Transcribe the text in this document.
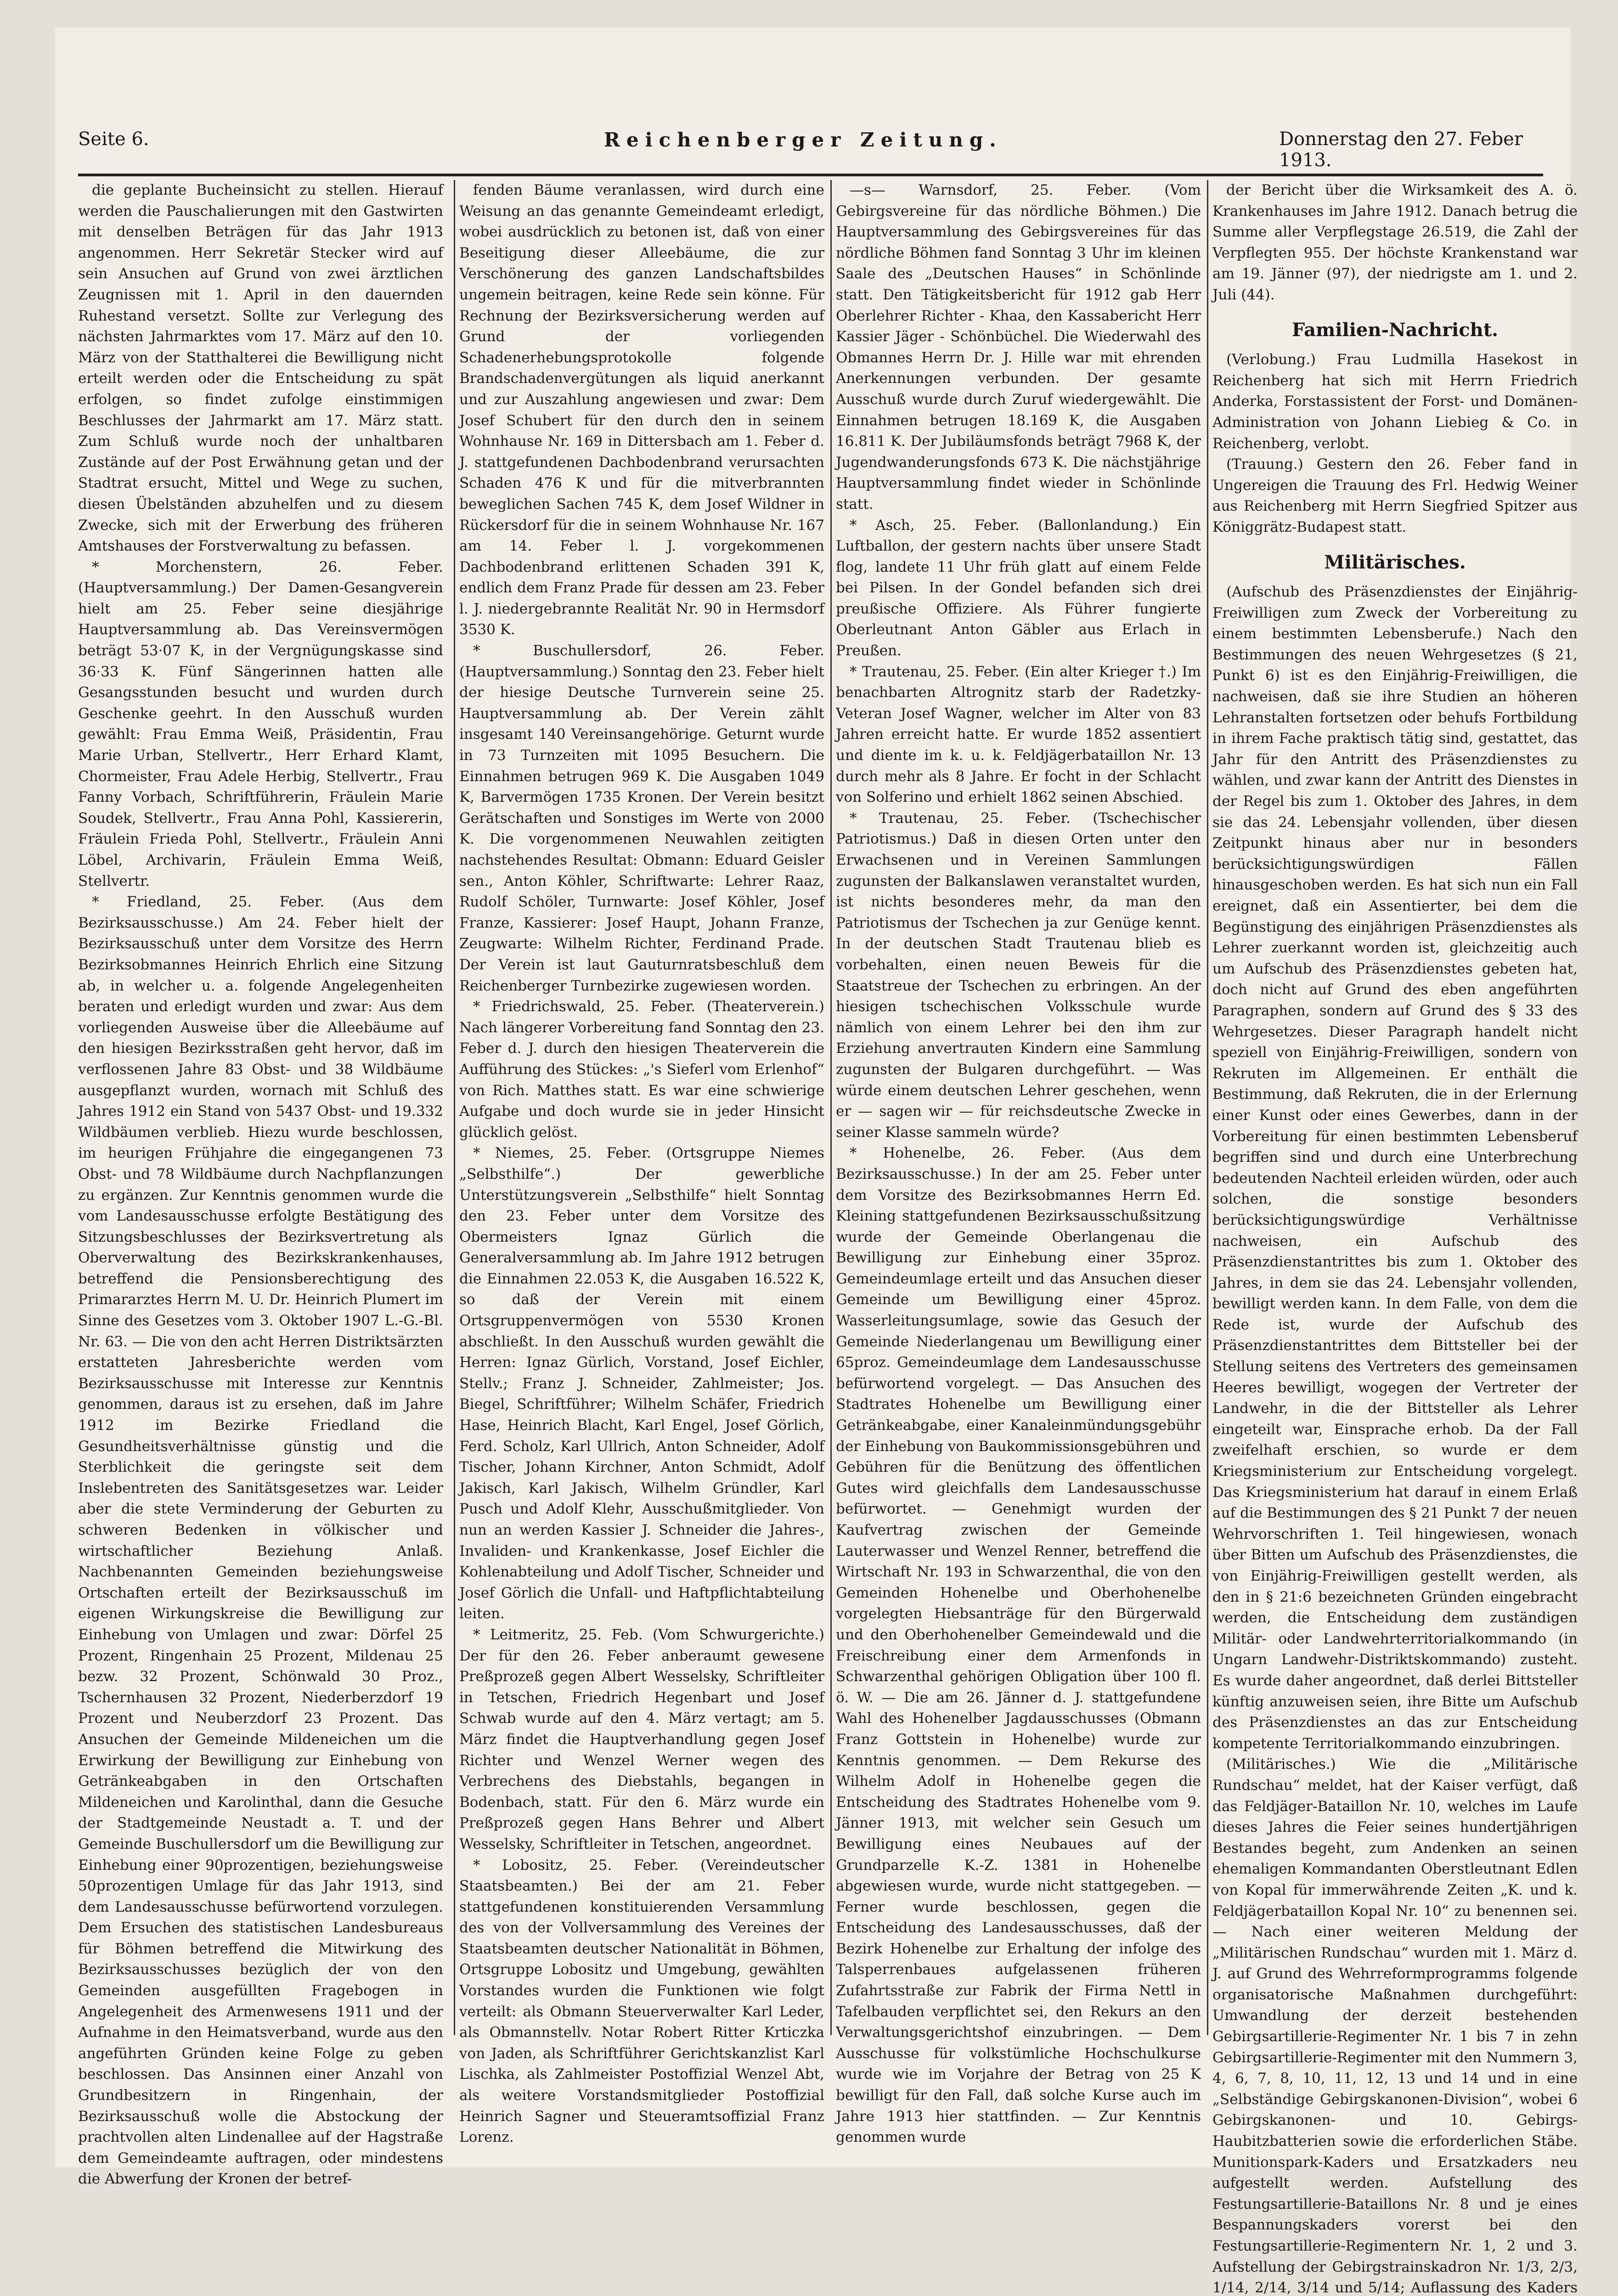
Seite 6.	Reichenberger Zeitung.	Donnerstag den 27. Feber 1913.

die geplante Bucheinsicht zu stellen. Hierauf werden die Pauschalierungen mit den Gastwirten mit denselben Beträgen für das Jahr 1913 angenommen. Herr Sekretär Stecker wird auf sein Ansuchen auf Grund von zwei ärztlichen Zeugnissen mit 1. April in den dauernden Ruhestand versetzt. Sollte zur Verlegung des nächsten Jahrmarktes vom 17. März auf den 10. März von der Statthalterei die Bewilligung nicht erteilt werden oder die Entscheidung zu spät erfolgen, so findet zufolge einstimmigen Beschlusses der Jahrmarkt am 17. März statt. Zum Schluß wurde noch der unhaltbaren Zustände auf der Post Erwähnung getan und der Stadtrat ersucht, Mittel und Wege zu suchen, diesen Übelständen abzuhelfen und zu diesem Zwecke, sich mit der Erwerbung des früheren Amtshauses der Forstverwaltung zu befassen.

* Morchenstern, 26. Feber. (Hauptversammlung.) Der Damen-Gesangverein hielt am 25. Feber seine diesjährige Hauptversammlung ab. Das Vereinsvermögen beträgt 53·07 K, in der Vergnügungskasse sind 36·33 K. Fünf Sängerinnen hatten alle Gesangsstunden besucht und wurden durch Geschenke geehrt. In den Ausschuß wurden gewählt: Frau Emma Weiß, Präsidentin, Frau Marie Urban, Stellvertr., Herr Erhard Klamt, Chormeister, Frau Adele Herbig, Stellvertr., Frau Fanny Vorbach, Schriftführerin, Fräulein Marie Soudek, Stellvertr., Frau Anna Pohl, Kassiererin, Fräulein Frieda Pohl, Stellvertr., Fräulein Anni Löbel, Archivarin, Fräulein Emma Weiß, Stellvertr.

* Friedland, 25. Feber. (Aus dem Bezirksausschusse.) Am 24. Feber hielt der Bezirksausschuß unter dem Vorsitze des Herrn Bezirksobmannes Heinrich Ehrlich eine Sitzung ab, in welcher u. a. folgende Angelegenheiten beraten und erledigt wurden und zwar: Aus dem vorliegenden Ausweise über die Alleebäume auf den hiesigen Bezirksstraßen geht hervor, daß im verflossenen Jahre 83 Obst- und 38 Wildbäume ausgepflanzt wurden, wornach mit Schluß des Jahres 1912 ein Stand von 5437 Obst- und 19.332 Wildbäumen verblieb. Hiezu wurde beschlossen, im heurigen Frühjahre die eingegangenen 73 Obst- und 78 Wildbäume durch Nachpflanzungen zu ergänzen. Zur Kenntnis genommen wurde die vom Landesausschusse erfolgte Bestätigung des Sitzungsbeschlusses der Bezirksvertretung als Oberverwaltung des Bezirkskrankenhauses, betreffend die Pensionsberechtigung des Primararztes Herrn M. U. Dr. Heinrich Plumert im Sinne des Gesetzes vom 3. Oktober 1907 L.-G.-Bl. Nr. 63. — Die von den acht Herren Distriktsärzten erstatteten Jahresberichte werden vom Bezirksausschusse mit Interesse zur Kenntnis genommen, daraus ist zu ersehen, daß im Jahre 1912 im Bezirke Friedland die Gesundheitsverhältnisse günstig und die Sterblichkeit die geringste seit dem Inslebentreten des Sanitätsgesetzes war. Leider aber die stete Verminderung der Geburten zu schweren Bedenken in völkischer und wirtschaftlicher Beziehung Anlaß. Nachbenannten Gemeinden beziehungsweise Ortschaften erteilt der Bezirksausschuß im eigenen Wirkungskreise die Bewilligung zur Einhebung von Umlagen und zwar: Dörfel 25 Prozent, Ringenhain 25 Prozent, Mildenau 25 bezw. 32 Prozent, Schönwald 30 Proz., Tschernhausen 32 Prozent, Niederberzdorf 19 Prozent und Neuberzdorf 23 Prozent. Das Ansuchen der Gemeinde Mildeneichen um die Erwirkung der Bewilligung zur Einhebung von Getränkeabgaben in den Ortschaften Mildeneichen und Karolinthal, dann die Gesuche der Stadtgemeinde Neustadt a. T. und der Gemeinde Buschullersdorf um die Bewilligung zur Einhebung einer 90prozentigen, beziehungsweise 50prozentigen Umlage für das Jahr 1913, sind dem Landesausschusse befürwortend vorzulegen. Dem Ersuchen des statistischen Landesbureaus für Böhmen betreffend die Mitwirkung des Bezirksausschusses bezüglich der von den Gemeinden ausgefüllten Fragebogen in Angelegenheit des Armenwesens 1911 und der Aufnahme in den Heimatsverband, wurde aus den angeführten Gründen keine Folge zu geben beschlossen. Das Ansinnen einer Anzahl von Grundbesitzern in Ringenhain, der Bezirksausschuß wolle die Abstockung der prachtvollen alten Lindenallee auf der Hagstraße dem Gemeindeamte auftragen, oder mindestens die Abwerfung der Kronen der betref-

fenden Bäume veranlassen, wird durch eine Weisung an das genannte Gemeindeamt erledigt, wobei ausdrücklich zu betonen ist, daß von einer Beseitigung dieser Alleebäume, die zur Verschönerung des ganzen Landschaftsbildes ungemein beitragen, keine Rede sein könne. Für Rechnung der Bezirksversicherung werden auf Grund der vorliegenden Schadenerhebungsprotokolle folgende Brandschadenvergütungen als liquid anerkannt und zur Auszahlung angewiesen und zwar: Dem Josef Schubert für den durch den in seinem Wohnhause Nr. 169 in Dittersbach am 1. Feber d. J. stattgefundenen Dachbodenbrand verursachten Schaden 476 K und für die mitverbrannten beweglichen Sachen 745 K, dem Josef Wildner in Rückersdorf für die in seinem Wohnhause Nr. 167 am 14. Feber l. J. vorgekommenen Dachbodenbrand erlittenen Schaden 391 K, endlich dem Franz Prade für dessen am 23. Feber l. J. niedergebrannte Realität Nr. 90 in Hermsdorf 3530 K.

* Buschullersdorf, 26. Feber. (Hauptversammlung.) Sonntag den 23. Feber hielt der hiesige Deutsche Turnverein seine 25. Hauptversammlung ab. Der Verein zählt insgesamt 140 Vereinsangehörige. Geturnt wurde in 73 Turnzeiten mit 1095 Besuchern. Die Einnahmen betrugen 969 K. Die Ausgaben 1049 K, Barvermögen 1735 Kronen. Der Verein besitzt Gerätschaften und Sonstiges im Werte von 2000 K. Die vorgenommenen Neuwahlen zeitigten nachstehendes Resultat: Obmann: Eduard Geisler sen., Anton Köhler, Schriftwarte: Lehrer Raaz, Rudolf Schöler, Turnwarte: Josef Köhler, Josef Franze, Kassierer: Josef Haupt, Johann Franze, Zeugwarte: Wilhelm Richter, Ferdinand Prade. Der Verein ist laut Gauturnratsbeschluß dem Reichenberger Turnbezirke zugewiesen worden.

* Friedrichswald, 25. Feber. (Theaterverein.) Nach längerer Vorbereitung fand Sonntag den 23. Feber d. J. durch den hiesigen Theaterverein die Aufführung des Stückes: „'s Sieferl vom Erlenhof“ von Rich. Matthes statt. Es war eine schwierige Aufgabe und doch wurde sie in jeder Hinsicht glücklich gelöst.

* Niemes, 25. Feber. (Ortsgruppe Niemes „Selbsthilfe“.) Der gewerbliche Unterstützungsverein „Selbsthilfe“ hielt Sonntag den 23. Feber unter dem Vorsitze des Obermeisters Ignaz Gürlich die Generalversammlung ab. Im Jahre 1912 betrugen die Einnahmen 22.053 K, die Ausgaben 16.522 K, so daß der Verein mit einem Ortsgruppenvermögen von 5530 Kronen abschließt. In den Ausschuß wurden gewählt die Herren: Ignaz Gürlich, Vorstand, Josef Eichler, Stellv.; Franz J. Schneider, Zahlmeister; Jos. Biegel, Schriftführer; Wilhelm Schäfer, Friedrich Hase, Heinrich Blacht, Karl Engel, Josef Görlich, Ferd. Scholz, Karl Ullrich, Anton Schneider, Adolf Tischer, Johann Kirchner, Anton Schmidt, Adolf Jakisch, Karl Jakisch, Wilhelm Gründler, Karl Pusch und Adolf Klehr, Ausschußmitglieder. Von nun an werden Kassier J. Schneider die Jahres-, Invaliden- und Krankenkasse, Josef Eichler die Kohlenabteilung und Adolf Tischer, Schneider und Josef Görlich die Unfall- und Haftpflichtabteilung leiten.

* Leitmeritz, 25. Feb. (Vom Schwurgerichte.) Der für den 26. Feber anberaumt gewesene Preßprozeß gegen Albert Wesselsky, Schriftleiter in Tetschen, Friedrich Hegenbart und Josef Schwab wurde auf den 4. März vertagt; am 5. März findet die Hauptverhandlung gegen Josef Richter und Wenzel Werner wegen des Verbrechens des Diebstahls, begangen in Bodenbach, statt. Für den 6. März wurde ein Preßprozeß gegen Hans Behrer und Albert Wesselsky, Schriftleiter in Tetschen, angeordnet.

* Lobositz, 25. Feber. (Vereindeutscher Staatsbeamten.) Bei der am 21. Feber stattgefundenen konstituierenden Versammlung des von der Vollversammlung des Vereines der Staatsbeamten deutscher Nationalität in Böhmen, Ortsgruppe Lobositz und Umgebung, gewählten Vorstandes wurden die Funktionen wie folgt verteilt: als Obmann Steuerverwalter Karl Leder, als Obmannstellv. Notar Robert Ritter Krticzka von Jaden, als Schriftführer Gerichtskanzlist Karl Lischka, als Zahlmeister Postoffizial Wenzel Abt, als weitere Vorstandsmitglieder Postoffizial Heinrich Sagner und Steueramtsoffizial Franz Lorenz.

—s— Warnsdorf, 25. Feber. (Vom Gebirgsvereine für das nördliche Böhmen.) Die Hauptversammlung des Gebirgsvereines für das nördliche Böhmen fand Sonntag 3 Uhr im kleinen Saale des „Deutschen Hauses“ in Schönlinde statt. Den Tätigkeitsbericht für 1912 gab Herr Oberlehrer Richter - Khaa, den Kassabericht Herr Kassier Jäger - Schönbüchel. Die Wiederwahl des Obmannes Herrn Dr. J. Hille war mit ehrenden Anerkennungen verbunden. Der gesamte Ausschuß wurde durch Zuruf wiedergewählt. Die Einnahmen betrugen 18.169 K, die Ausgaben 16.811 K. Der Jubiläumsfonds beträgt 7968 K, der Jugendwanderungsfonds 673 K. Die nächstjährige Hauptversammlung findet wieder in Schönlinde statt.

* Asch, 25. Feber. (Ballonlandung.) Ein Luftballon, der gestern nachts über unsere Stadt flog, landete 11 Uhr früh glatt auf einem Felde bei Pilsen. In der Gondel befanden sich drei preußische Offiziere. Als Führer fungierte Oberleutnant Anton Gäbler aus Erlach in Preußen.

* Trautenau, 25. Feber. (Ein alter Krieger †.) Im benachbarten Altrognitz starb der Radetzky-Veteran Josef Wagner, welcher im Alter von 83 Jahren erreicht hatte. Er wurde 1852 assentiert und diente im k. u. k. Feldjägerbataillon Nr. 13 durch mehr als 8 Jahre. Er focht in der Schlacht von Solferino und erhielt 1862 seinen Abschied.

* Trautenau, 25. Feber. (Tschechischer Patriotismus.) Daß in diesen Orten unter den Erwachsenen und in Vereinen Sammlungen zugunsten der Balkanslawen veranstaltet wurden, ist nichts besonderes mehr, da man den Patriotismus der Tschechen ja zur Genüge kennt. In der deutschen Stadt Trautenau blieb es vorbehalten, einen neuen Beweis für die Staatstreue der Tschechen zu erbringen. An der hiesigen tschechischen Volksschule wurde nämlich von einem Lehrer bei den ihm zur Erziehung anvertrauten Kindern eine Sammlung zugunsten der Bulgaren durchgeführt. — Was würde einem deutschen Lehrer geschehen, wenn er — sagen wir — für reichsdeutsche Zwecke in seiner Klasse sammeln würde?

* Hohenelbe, 26. Feber. (Aus dem Bezirksausschusse.) In der am 25. Feber unter dem Vorsitze des Bezirksobmannes Herrn Ed. Kleining stattgefundenen Bezirksausschußsitzung wurde der Gemeinde Oberlangenau die Bewilligung zur Einhebung einer 35proz. Gemeindeumlage erteilt und das Ansuchen dieser Gemeinde um Bewilligung einer 45proz. Wasserleitungsumlage, sowie das Gesuch der Gemeinde Niederlangenau um Bewilligung einer 65proz. Gemeindeumlage dem Landesausschusse befürwortend vorgelegt. — Das Ansuchen des Stadtrates Hohenelbe um Bewilligung einer Getränkeabgabe, einer Kanaleinmündungsgebühr der Einhebung von Baukommissionsgebühren und Gebühren für die Benützung des öffentlichen Gutes wird gleichfalls dem Landesausschusse befürwortet. — Genehmigt wurden der Kaufvertrag zwischen der Gemeinde Lauterwasser und Wenzel Renner, betreffend die Wirtschaft Nr. 193 in Schwarzenthal, die von den Gemeinden Hohenelbe und Oberhohenelbe vorgelegten Hiebsanträge für den Bürgerwald und den Oberhohenelber Gemeindewald und die Freischreibung einer dem Armenfonds in Schwarzenthal gehörigen Obligation über 100 fl. ö. W. — Die am 26. Jänner d. J. stattgefundene Wahl des Hohenelber Jagdausschusses (Obmann Franz Gottstein in Hohenelbe) wurde zur Kenntnis genommen. — Dem Rekurse des Wilhelm Adolf in Hohenelbe gegen die Entscheidung des Stadtrates Hohenelbe vom 9. Jänner 1913, mit welcher sein Gesuch um Bewilligung eines Neubaues auf der Grundparzelle K.-Z. 1381 in Hohenelbe abgewiesen wurde, wurde nicht stattgegeben. — Ferner wurde beschlossen, gegen die Entscheidung des Landesausschusses, daß der Bezirk Hohenelbe zur Erhaltung der infolge des Talsperrenbaues aufgelassenen früheren Zufahrtsstraße zur Fabrik der Firma Nettl in Tafelbauden verpflichtet sei, den Rekurs an den Verwaltungsgerichtshof einzubringen. — Dem Ausschusse für volkstümliche Hochschulkurse wurde wie im Vorjahre der Betrag von 25 K bewilligt für den Fall, daß solche Kurse auch im Jahre 1913 hier stattfinden. — Zur Kenntnis genommen wurde

der Bericht über die Wirksamkeit des A. ö. Krankenhauses im Jahre 1912. Danach betrug die Summe aller Verpflegstage 26.519, die Zahl der Verpflegten 955. Der höchste Krankenstand war am 19. Jänner (97), der niedrigste am 1. und 2. Juli (44).

Familien-Nachricht.

(Verlobung.) Frau Ludmilla Hasekost in Reichenberg hat sich mit Herrn Friedrich Anderka, Forstassistent der Forst- und Domänen-Administration von Johann Liebieg & Co. in Reichenberg, verlobt.

(Trauung.) Gestern den 26. Feber fand in Ungereigen die Trauung des Frl. Hedwig Weiner aus Reichenberg mit Herrn Siegfried Spitzer aus Königgrätz-Budapest statt.

Militärisches.

(Aufschub des Präsenzdienstes der Einjährig-Freiwilligen zum Zweck der Vorbereitung zu einem bestimmten Lebensberufe.) Nach den Bestimmungen des neuen Wehrgesetzes (§ 21, Punkt 6) ist es den Einjährig-Freiwilligen, die nachweisen, daß sie ihre Studien an höheren Lehranstalten fortsetzen oder behufs Fortbildung in ihrem Fache praktisch tätig sind, gestattet, das Jahr für den Antritt des Präsenzdienstes zu wählen, und zwar kann der Antritt des Dienstes in der Regel bis zum 1. Oktober des Jahres, in dem sie das 24. Lebensjahr vollenden, über diesen Zeitpunkt hinaus aber nur in besonders berücksichtigungswürdigen Fällen hinausgeschoben werden. Es hat sich nun ein Fall ereignet, daß ein Assentierter, bei dem die Begünstigung des einjährigen Präsenzdienstes als Lehrer zuerkannt worden ist, gleichzeitig auch um Aufschub des Präsenzdienstes gebeten hat, doch nicht auf Grund des eben angeführten Paragraphen, sondern auf Grund des § 33 des Wehrgesetzes. Dieser Paragraph handelt nicht speziell von Einjährig-Freiwilligen, sondern von Rekruten im Allgemeinen. Er enthält die Bestimmung, daß Rekruten, die in der Erlernung einer Kunst oder eines Gewerbes, dann in der Vorbereitung für einen bestimmten Lebensberuf begriffen sind und durch eine Unterbrechung bedeutenden Nachteil erleiden würden, oder auch solchen, die sonstige besonders berücksichtigungswürdige Verhältnisse nachweisen, ein Aufschub des Präsenzdienstantrittes bis zum 1. Oktober des Jahres, in dem sie das 24. Lebensjahr vollenden, bewilligt werden kann. In dem Falle, von dem die Rede ist, wurde der Aufschub des Präsenzdienstantrittes dem Bittsteller bei der Stellung seitens des Vertreters des gemeinsamen Heeres bewilligt, wogegen der Vertreter der Landwehr, in die der Bittsteller als Lehrer eingeteilt war, Einsprache erhob. Da der Fall zweifelhaft erschien, so wurde er dem Kriegsministerium zur Entscheidung vorgelegt. Das Kriegsministerium hat darauf in einem Erlaß auf die Bestimmungen des § 21 Punkt 7 der neuen Wehrvorschriften 1. Teil hingewiesen, wonach über Bitten um Aufschub des Präsenzdienstes, die von Einjährig-Freiwilligen gestellt werden, als den in § 21:6 bezeichneten Gründen eingebracht werden, die Entscheidung dem zuständigen Militär- oder Landwehrterritorialkommando (in Ungarn Landwehr-Distriktskommando) zusteht. Es wurde daher angeordnet, daß derlei Bittsteller künftig anzuweisen seien, ihre Bitte um Aufschub des Präsenzdienstes an das zur Entscheidung kompetente Territorialkommando einzubringen.

(Militärisches.) Wie die „Militärische Rundschau“ meldet, hat der Kaiser verfügt, daß das Feldjäger-Bataillon Nr. 10, welches im Laufe dieses Jahres die Feier seines hundertjährigen Bestandes begeht, zum Andenken an seinen ehemaligen Kommandanten Oberstleutnant Edlen von Kopal für immerwährende Zeiten „K. und k. Feldjägerbataillon Kopal Nr. 10“ zu benennen sei. — Nach einer weiteren Meldung der „Militärischen Rundschau“ wurden mit 1. März d. J. auf Grund des Wehrreformprogramms folgende organisatorische Maßnahmen durchgeführt: Umwandlung der derzeit bestehenden Gebirgsartillerie-Regimenter Nr. 1 bis 7 in zehn Gebirgsartillerie-Regimenter mit den Nummern 3, 4, 6, 7, 8, 10, 11, 12, 13 und 14 und in eine „Selbständige Gebirgskanonen-Division“, wobei 6 Gebirgskanonen- und 10. Gebirgs-Haubitzbatterien sowie die erforderlichen Stäbe. Munitionspark-Kaders und Ersatzkaders neu aufgestellt werden. Aufstellung des Festungsartillerie-Bataillons Nr. 8 und je eines Bespannungskaders vorerst bei den Festungsartillerie-Regimentern Nr. 1, 2 und 3. Aufstellung der Gebirgstrainskadron Nr. 1/3, 2/3, 1/14, 2/14, 3/14 und 5/14; Auflassung des Kaders
